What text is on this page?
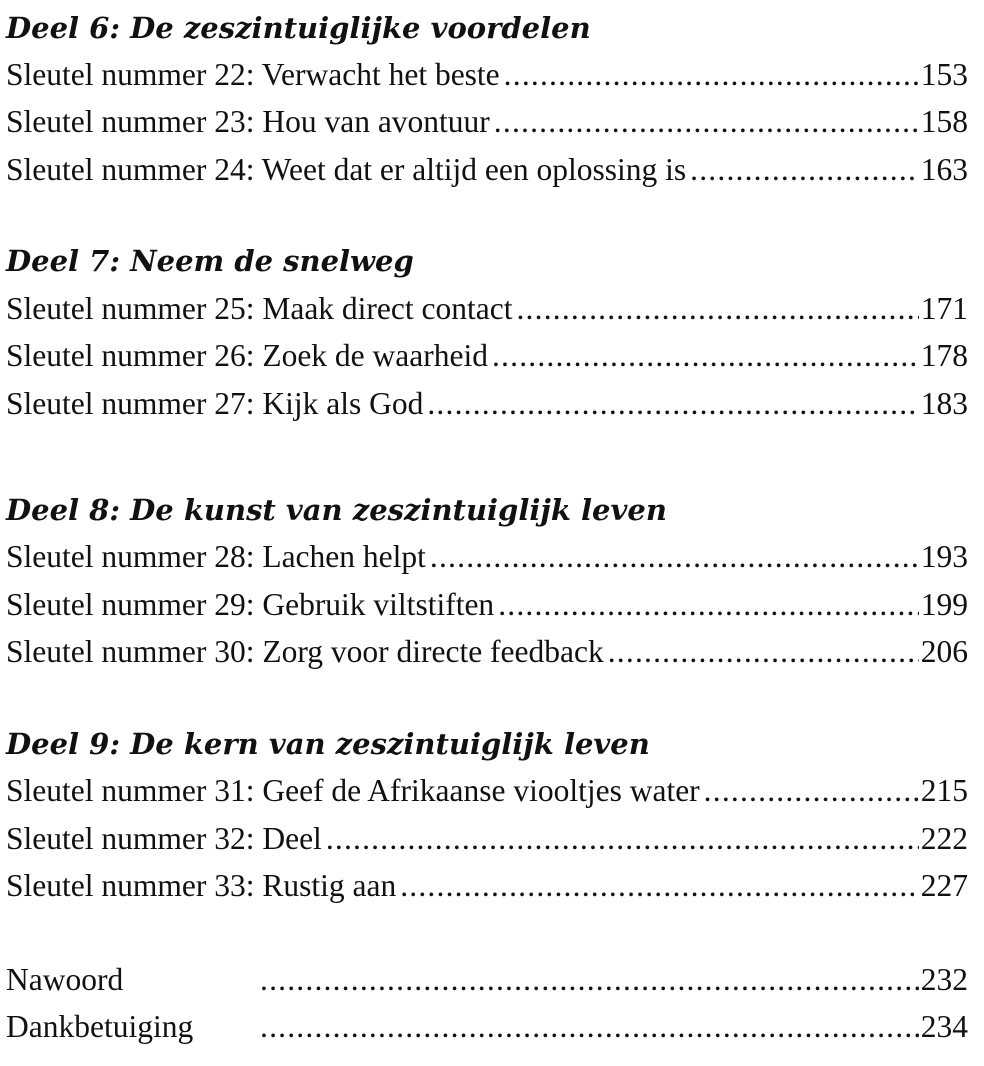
Deel 6: De zeszintuiglijke voordelen
Sleutel nummer 22: Verwacht het beste .....	153
Sleutel nummer 23: Hou van avontuur .....	158
Sleutel nummer 24: Weet dat er altijd een oplossing is .....	163
Deel 7: Neem de snelweg
Sleutel nummer 25: Maak direct contact .....	171
Sleutel nummer 26: Zoek de waarheid .....	178
Sleutel nummer 27: Kijk als God .....	183
Deel 8: De kunst van zeszintuiglijk leven
Sleutel nummer 28: Lachen helpt .....	193
Sleutel nummer 29: Gebruik viltstiften .....	199
Sleutel nummer 30: Zorg voor directe feedback .....	206
Deel 9: De kern van zeszintuiglijk leven
Sleutel nummer 31: Geef de Afrikaanse viooltjes water .....	215
Sleutel nummer 32: Deel .....	222
Sleutel nummer 33: Rustig aan .....	227
Nawoord .....	232
Dankbetuiging .....	234
